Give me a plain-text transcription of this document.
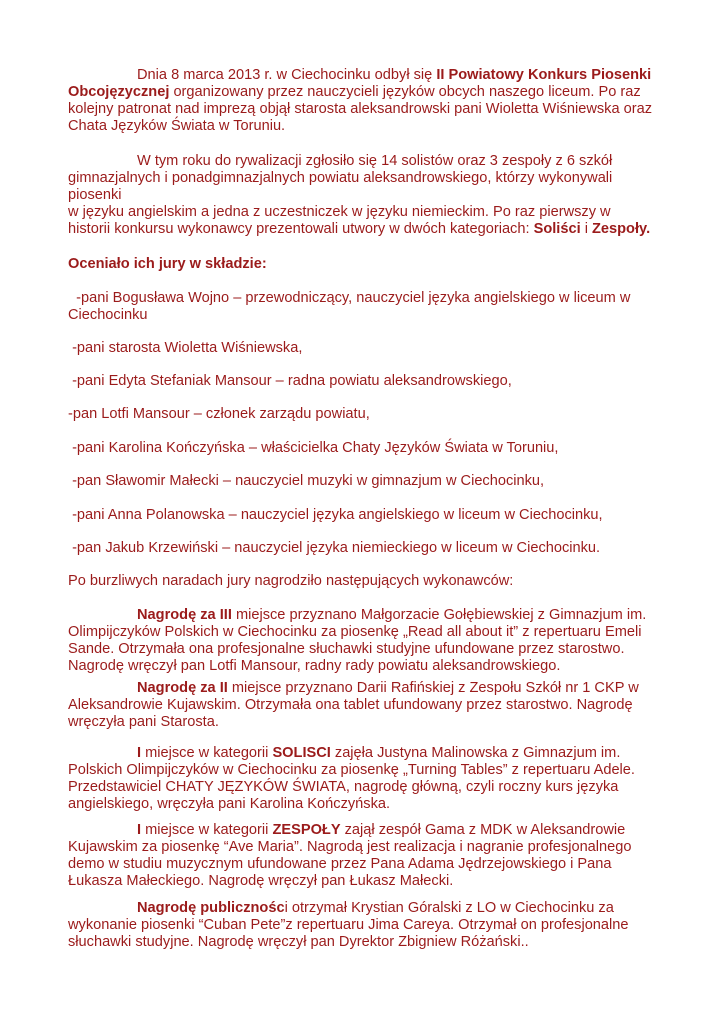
Dnia 8 marca 2013 r. w Ciechocinku odbył się II Powiatowy Konkurs Piosenki Obcojęzycznej organizowany przez nauczycieli języków obcych naszego liceum. Po raz kolejny patronat nad imprezą objął starosta aleksandrowski pani Wioletta Wiśniewska oraz Chata Języków Świata w Toruniu.

W tym roku do rywalizacji zgłosiło się 14 solistów oraz 3 zespoły z 6 szkół
gimnazjalnych i ponadgimnazjalnych powiatu aleksandrowskiego, którzy wykonywali
piosenki
w języku angielskim a jedna z uczestniczek w języku niemieckim. Po raz pierwszy w
historii konkursu wykonawcy prezentowali utwory w dwóch kategoriach: Soliści i Zespoły.

Oceniało ich jury w składzie:

-pani Bogusława Wojno – przewodniczący, nauczyciel języka angielskiego w liceum w Ciechocinku

-pani starosta Wioletta Wiśniewska,

-pani Edyta Stefaniak Mansour – radna powiatu aleksandrowskiego,

-pan Lotfi Mansour – członek zarządu powiatu,

-pani Karolina Kończyńska – właścicielka Chaty Języków Świata w Toruniu,

-pan Sławomir Małecki – nauczyciel muzyki w gimnazjum w Ciechocinku,

-pani Anna Polanowska – nauczyciel języka angielskiego w liceum w Ciechocinku,

-pan Jakub Krzewiński – nauczyciel języka niemieckiego w liceum w Ciechocinku.

Po burzliwych naradach jury nagrodziło następujących wykonawców:

Nagrodę za III miejsce przyznano Małgorzacie Gołębiewskiej z Gimnazjum im. Olimpijczyków Polskich w Ciechocinku za piosenkę „Read all about it” z repertuaru Emeli Sande. Otrzymała ona profesjonalne słuchawki studyjne ufundowane przez starostwo. Nagrodę wręczył pan Lotfi Mansour, radny rady powiatu aleksandrowskiego.

Nagrodę za II miejsce przyznano Darii Rafińskiej z Zespołu Szkół nr 1 CKP w Aleksandrowie Kujawskim. Otrzymała ona tablet ufundowany przez starostwo. Nagrodę wręczyła pani Starosta.

I miejsce w kategorii SOLISCI zajęła Justyna Malinowska z Gimnazjum im. Polskich Olimpijczyków w Ciechocinku za piosenkę „Turning Tables” z repertuaru Adele. Przedstawiciel CHATY JĘZYKÓW ŚWIATA, nagrodę główną, czyli roczny kurs języka angielskiego, wręczyła pani Karolina Kończyńska.

I miejsce w kategorii ZESPOŁY zajął zespół Gama z MDK w Aleksandrowie Kujawskim za piosenkę “Ave Maria”. Nagrodą jest realizacja i nagranie profesjonalnego demo w studiu muzycznym ufundowane przez Pana Adama Jędrzejowskiego i Pana Łukasza Małeckiego. Nagrodę wręczył pan Łukasz Małecki.

Nagrodę publiczności otrzymał Krystian Góralski z LO w Ciechocinku za wykonanie piosenki “Cuban Pete”z repertuaru Jima Careya. Otrzymał on profesjonalne słuchawki studyjne. Nagrodę wręczył pan Dyrektor Zbigniew Różański..
